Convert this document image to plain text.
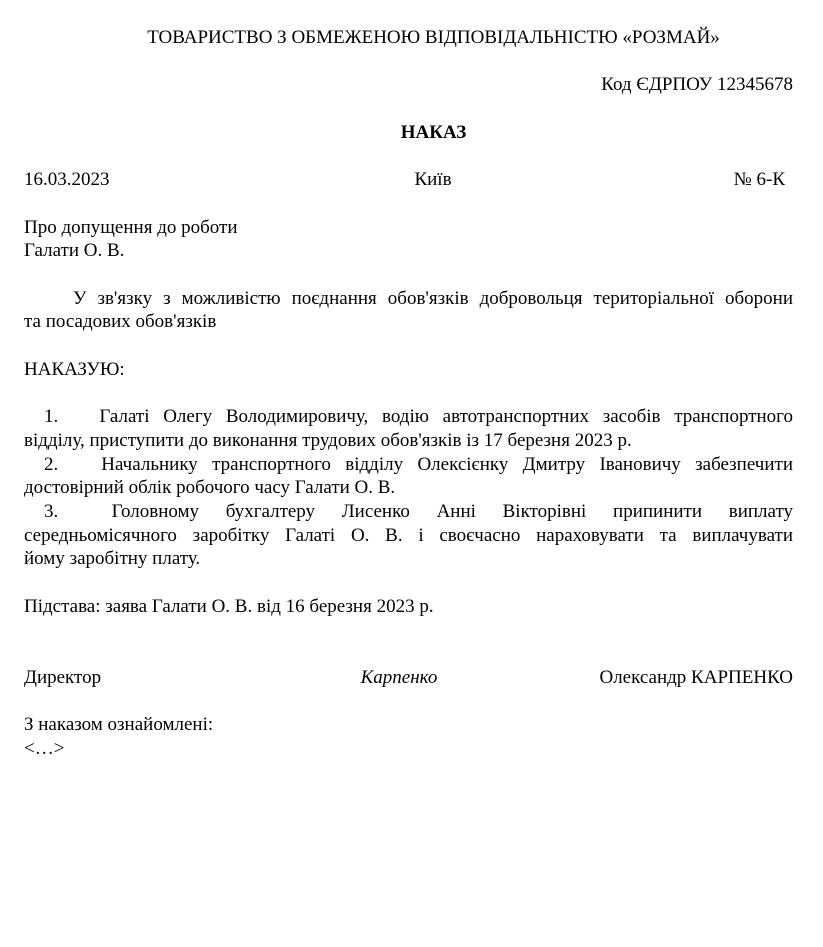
ТОВАРИСТВО З ОБМЕЖЕНОЮ ВІДПОВІДАЛЬНІСТЮ «РОЗМАЙ»

Код ЄДРПОУ 12345678

НАКАЗ

16.03.2023	Київ	№ 6-К

Про допущення до роботи

Галати О. В.

У зв'язку з можливістю поєднання обов'язків добровольця територіальної оборони

та посадових обов'язків

НАКАЗУЮ:

1.   Галаті Олегу Володимировичу, водію автотранспортних засобів транспортного

відділу, приступити до виконання трудових обов'язків із 17 березня 2023 р.

2.   Начальнику транспортного відділу Олексієнку Дмитру Івановичу забезпечити

достовірний облік робочого часу Галати О. В.

3.  Головному бухгалтеру Лисенко Анні Вікторівні припинити виплату

середньомісячного заробітку Галаті О. В. і своєчасно нараховувати та виплачувати

йому заробітну плату.

Підстава: заява Галати О. В. від 16 березня 2023 р.

Директор	Карпенко	Олександр КАРПЕНКО

З наказом ознайомлені:

<…>
